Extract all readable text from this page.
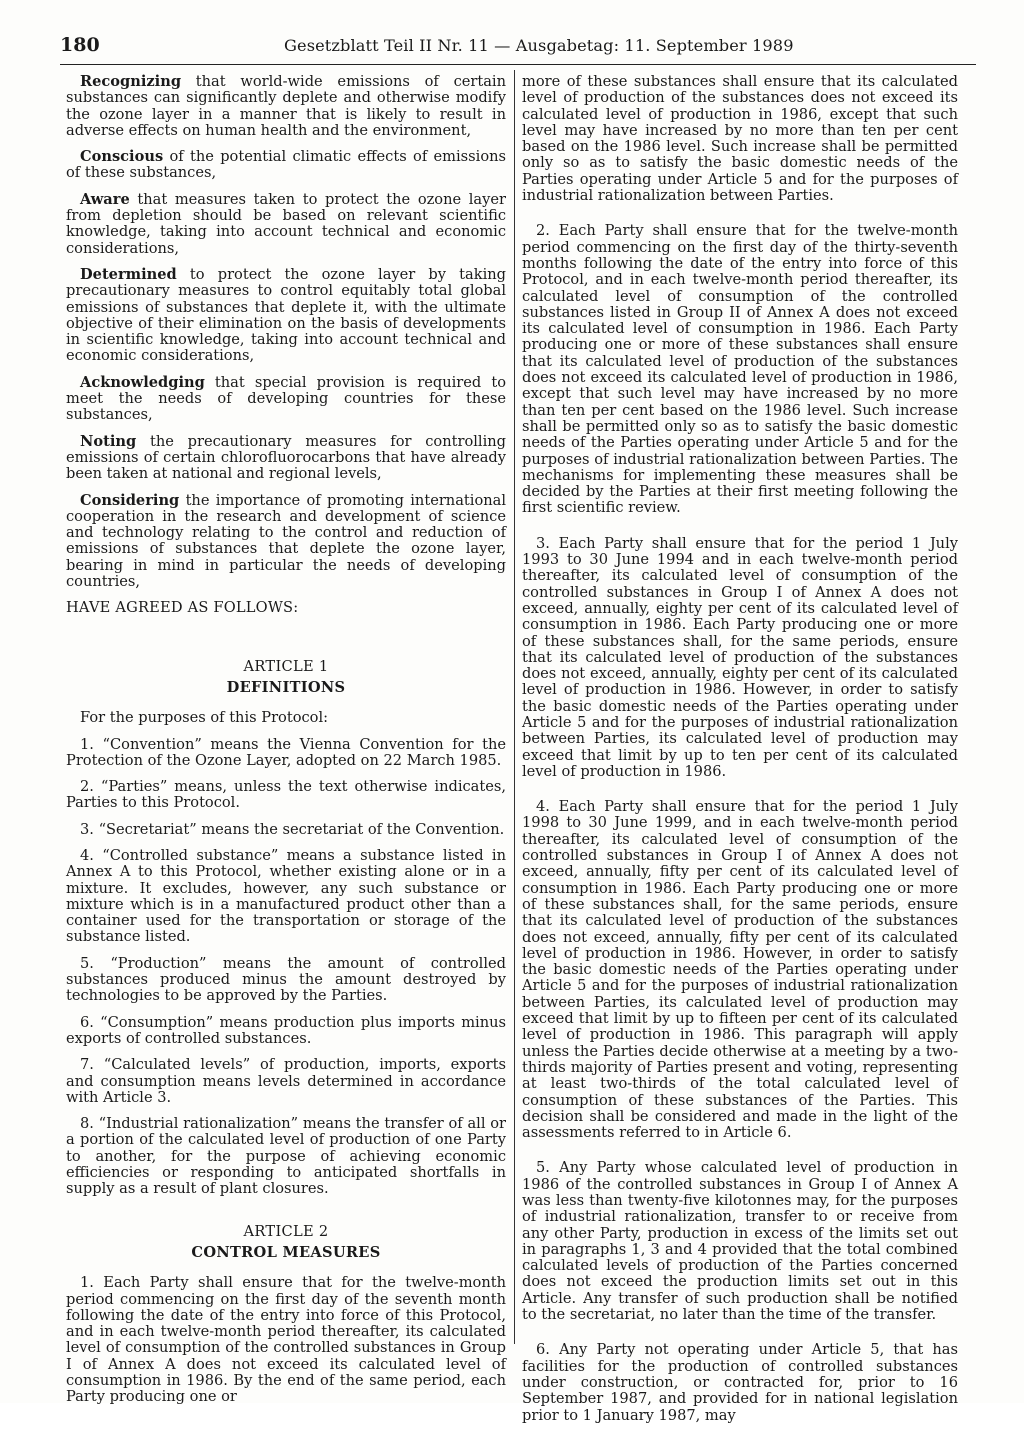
180	Gesetzblatt Teil II Nr. 11 — Ausgabetag: 11. September 1989

Recognizing that world-wide emissions of certain substances can significantly deplete and otherwise modify the ozone layer in a manner that is likely to result in adverse effects on human health and the environment,

Conscious of the potential climatic effects of emissions of these substances,

Aware that measures taken to protect the ozone layer from depletion should be based on relevant scientific knowledge, taking into account technical and economic considerations,

Determined to protect the ozone layer by taking precautionary measures to control equitably total global emissions of substances that deplete it, with the ultimate objective of their elimination on the basis of developments in scientific knowledge, taking into account technical and economic considerations,

Acknowledging that special provision is required to meet the needs of developing countries for these substances,

Noting the precautionary measures for controlling emissions of certain chlorofluorocarbons that have already been taken at national and regional levels,

Considering the importance of promoting international cooperation in the research and development of science and technology relating to the control and reduction of emissions of substances that deplete the ozone layer, bearing in mind in particular the needs of developing countries,

HAVE AGREED AS FOLLOWS:

ARTICLE 1

DEFINITIONS

For the purposes of this Protocol:

1. “Convention” means the Vienna Convention for the Protection of the Ozone Layer, adopted on 22 March 1985.

2. “Parties” means, unless the text otherwise indicates, Parties to this Protocol.

3. “Secretariat” means the secretariat of the Convention.

4. “Controlled substance” means a substance listed in Annex A to this Protocol, whether existing alone or in a mixture. It excludes, however, any such substance or mixture which is in a manufactured product other than a container used for the transportation or storage of the substance listed.

5. “Production” means the amount of controlled substances produced minus the amount destroyed by technologies to be approved by the Parties.

6. “Consumption” means production plus imports minus exports of controlled substances.

7. “Calculated levels” of production, imports, exports and consumption means levels determined in accordance with Article 3.

8. “Industrial rationalization” means the transfer of all or a portion of the calculated level of production of one Party to another, for the purpose of achieving economic efficiencies or responding to anticipated shortfalls in supply as a result of plant closures.

ARTICLE 2

CONTROL MEASURES

1. Each Party shall ensure that for the twelve-month period commencing on the first day of the seventh month following the date of the entry into force of this Protocol, and in each twelve-month period thereafter, its calculated level of consumption of the controlled substances in Group I of Annex A does not exceed its calculated level of consumption in 1986. By the end of the same period, each Party producing one or

more of these substances shall ensure that its calculated level of production of the substances does not exceed its calculated level of production in 1986, except that such level may have increased by no more than ten per cent based on the 1986 level. Such increase shall be permitted only so as to satisfy the basic domestic needs of the Parties operating under Article 5 and for the purposes of industrial rationalization between Parties.

2. Each Party shall ensure that for the twelve-month period commencing on the first day of the thirty-seventh months following the date of the entry into force of this Protocol, and in each twelve-month period thereafter, its calculated level of consumption of the controlled substances listed in Group II of Annex A does not exceed its calculated level of consumption in 1986. Each Party producing one or more of these substances shall ensure that its calculated level of production of the substances does not exceed its calculated level of production in 1986, except that such level may have increased by no more than ten per cent based on the 1986 level. Such increase shall be permitted only so as to satisfy the basic domestic needs of the Parties operating under Article 5 and for the purposes of industrial rationalization between Parties. The mechanisms for implementing these measures shall be decided by the Parties at their first meeting following the first scientific review.

3. Each Party shall ensure that for the period 1 July 1993 to 30 June 1994 and in each twelve-month period thereafter, its calculated level of consumption of the controlled substances in Group I of Annex A does not exceed, annually, eighty per cent of its calculated level of consumption in 1986. Each Party producing one or more of these substances shall, for the same periods, ensure that its calculated level of production of the substances does not exceed, annually, eighty per cent of its calculated level of production in 1986. However, in order to satisfy the basic domestic needs of the Parties operating under Article 5 and for the purposes of industrial rationalization between Parties, its calculated level of production may exceed that limit by up to ten per cent of its calculated level of production in 1986.

4. Each Party shall ensure that for the period 1 July 1998 to 30 June 1999, and in each twelve-month period thereafter, its calculated level of consumption of the controlled substances in Group I of Annex A does not exceed, annually, fifty per cent of its calculated level of consumption in 1986. Each Party producing one or more of these substances shall, for the same periods, ensure that its calculated level of production of the substances does not exceed, annually, fifty per cent of its calculated level of production in 1986. However, in order to satisfy the basic domestic needs of the Parties operating under Article 5 and for the purposes of industrial rationalization between Parties, its calculated level of production may exceed that limit by up to fifteen per cent of its calculated level of production in 1986. This paragraph will apply unless the Parties decide otherwise at a meeting by a two-thirds majority of Parties present and voting, representing at least two-thirds of the total calculated level of consumption of these substances of the Parties. This decision shall be considered and made in the light of the assessments referred to in Article 6.

5. Any Party whose calculated level of production in 1986 of the controlled substances in Group I of Annex A was less than twenty-five kilotonnes may, for the purposes of industrial rationalization, transfer to or receive from any other Party, production in excess of the limits set out in paragraphs 1, 3 and 4 provided that the total combined calculated levels of production of the Parties concerned does not exceed the production limits set out in this Article. Any transfer of such production shall be notified to the secretariat, no later than the time of the transfer.

6. Any Party not operating under Article 5, that has facilities for the production of controlled substances under construction, or contracted for, prior to 16 September 1987, and provided for in national legislation prior to 1 January 1987, may
